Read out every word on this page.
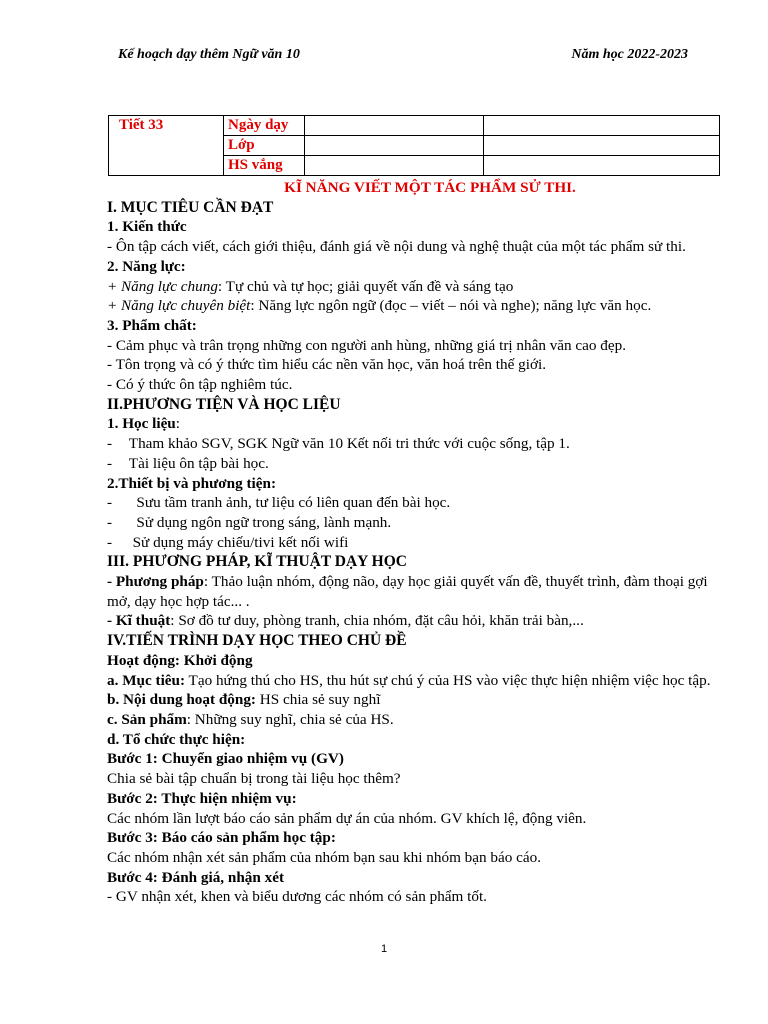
Kế hoạch dạy thêm Ngữ văn 10	Năm học 2022-2023
Tiết 33	Ngày dạy		
	Lớp		
	HS vắng		
KĨ NĂNG VIẾT MỘT TÁC PHẨM SỬ THI.
I. MỤC TIÊU CẦN ĐẠT
1. Kiến thức
- Ôn tập cách viết, cách giới thiệu, đánh giá về nội dung và nghệ thuật của một tác phẩm sử thi.
2. Năng lực:
+ Năng lực chung: Tự chủ và tự học; giải quyết vấn đề và sáng tạo
+ Năng lực chuyên biệt: Năng lực ngôn ngữ (đọc – viết – nói và nghe); năng lực văn học.
3. Phẩm chất:
- Cảm phục và trân trọng những con người anh hùng, những giá trị nhân văn cao đẹp.
- Tôn trọng và có ý thức tìm hiểu các nền văn học, văn hoá trên thế giới.
- Có ý thức ôn tập nghiêm túc.
II.PHƯƠNG TIỆN VÀ HỌC LIỆU
1. Học liệu:
- Tham khảo SGV, SGK Ngữ văn 10 Kết nối tri thức với cuộc sống, tập 1.
- Tài liệu ôn tập bài học.
2.Thiết bị và phương tiện:
- Sưu tầm tranh ảnh, tư liệu có liên quan đến bài học.
- Sử dụng ngôn ngữ trong sáng, lành mạnh.
- Sử dụng máy chiếu/tivi kết nối wifi
III. PHƯƠNG PHÁP, KĨ THUẬT DẠY HỌC
- Phương pháp: Thảo luận nhóm, động não, dạy học giải quyết vấn đề, thuyết trình, đàm thoại gợi mở, dạy học hợp tác... .
- Kĩ thuật: Sơ đồ tư duy, phòng tranh, chia nhóm, đặt câu hỏi, khăn trải bàn,...
IV.TIẾN TRÌNH DẠY HỌC THEO CHỦ ĐỀ
Hoạt động: Khởi động
a. Mục tiêu: Tạo hứng thú cho HS, thu hút sự chú ý của HS vào việc thực hiện nhiệm việc học tập.
b. Nội dung hoạt động: HS chia sẻ suy nghĩ
c. Sản phẩm: Những suy nghĩ, chia sẻ của HS.
d. Tổ chức thực hiện:
Bước 1: Chuyển giao nhiệm vụ (GV)
Chia sẻ bài tập chuẩn bị trong tài liệu học thêm?
Bước 2: Thực hiện nhiệm vụ:
Các nhóm lần lượt báo cáo sản phẩm dự án của nhóm. GV khích lệ, động viên.
Bước 3: Báo cáo sản phẩm học tập:
Các nhóm nhận xét sản phẩm của nhóm bạn sau khi nhóm bạn báo cáo.
Bước 4: Đánh giá, nhận xét
- GV nhận xét, khen và biểu dương các nhóm có sản phẩm tốt.
1
